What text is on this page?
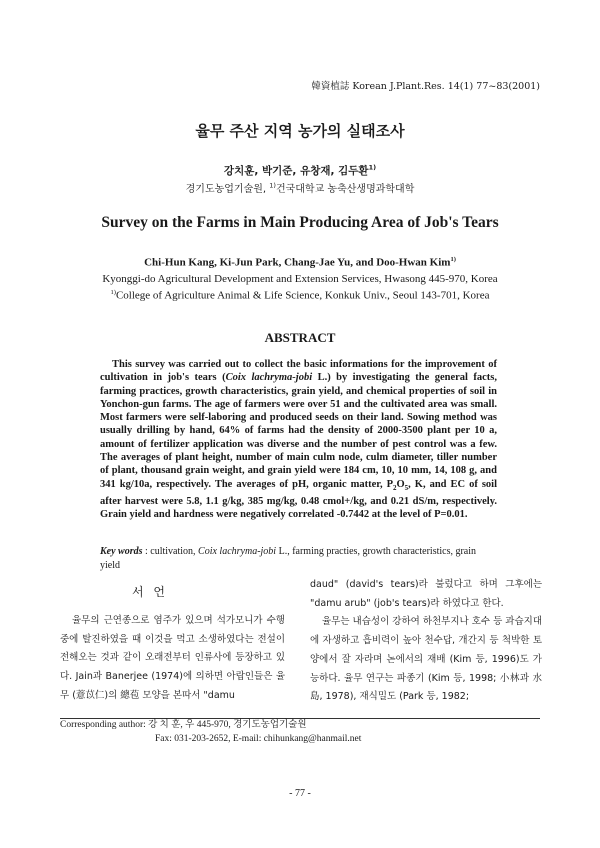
韓資植誌 Korean J.Plant.Res. 14(1) 77~83(2001)
율무 주산 지역 농가의 실태조사
강치훈, 박기준, 유창재, 김두환$^{1)}$
경기도농업기술원, $^{1)}$건국대학교 농축산생명과학대학
Survey on the Farms in Main Producing Area of Job's Tears
Chi-Hun Kang, Ki-Jun Park, Chang-Jae Yu, and Doo-Hwan Kim$^{1)}$
Kyonggi-do Agricultural Development and Extension Services, Hwasong 445-970, Korea
$^{1)}$College of Agriculture Animal & Life Science, Konkuk Univ., Seoul 143-701, Korea
ABSTRACT
This survey was carried out to collect the basic informations for the improvement of cultivation in job's tears (Coix lachryma-jobi L.) by investigating the general facts, farming practices, growth characteristics, grain yield, and chemical properties of soil in Yonchon-gun farms. The age of farmers were over 51 and the cultivated area was small. Most farmers were self-laboring and produced seeds on their land. Sowing method was usually drilling by hand, 64% of farms had the density of 2000-3500 plant per 10 a, amount of fertilizer application was diverse and the number of pest control was a few. The averages of plant height, number of main culm node, culm diameter, tiller number of plant, thousand grain weight, and grain yield were 184 cm, 10, 10 mm, 14, 108 g, and 341 kg/10a, respectively. The averages of pH, organic matter, $P_2O_5$, K, and EC of soil after harvest were 5.8, 1.1 g/kg, 385 mg/kg, 0.48 cmol+/kg, and 0.21 dS/m, respectively. Grain yield and hardness were negatively correlated -0.7442 at the level of P=0.01.
Key words : cultivation, Coix lachryma-jobi L., farming practies, growth characteristics, grain yield
서 언
율무의 근연종으로 염주가 있으며 석가모니가 수행중에 탈진하였을 때 이것을 먹고 소생하였다는 전설이 전해오는 것과 같이 오래전부터 인류사에 등장하고 있다. Jain과 Banerjee (1974)에 의하면 아랍인들은 율무 (薏苡仁)의 總苞 모양을 본따서 "damu

daud" (david's tears)라 불렀다고 하며 그후에는 "damu arub" (job's tears)라 하였다고 한다.

율무는 내습성이 강하여 하천부지나 호수 등 과습지대에 자생하고 흡비력이 높아 천수답, 개간지 등 척박한 토양에서 잘 자라며 논에서의 재배 (Kim 등, 1996)도 가능하다. 율무 연구는 파종기 (Kim 등, 1998; 小林과 水島, 1978), 재식밀도 (Park 등, 1982;

Corresponding author: 강 치 훈, 우 445-970, 경기도농업기술원
Fax: 031-203-2652, E-mail: chihunkang@hanmail.net
- 77 -
